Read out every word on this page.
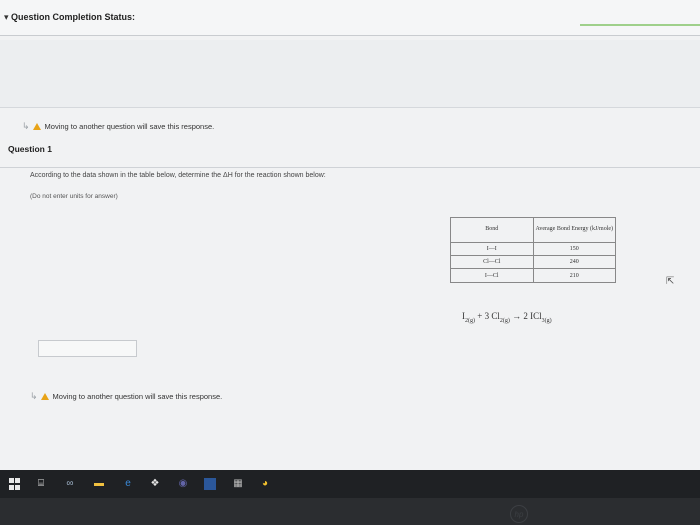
▾ Question Completion Status:
↳ Moving to another question will save this response.
Question 1
According to the data shown in the table below, determine the ΔH for the reaction shown below:
(Do not enter units for answer)
Bond	Average Bond Energy (kJ/mole)
I—I	150
Cl—Cl	240
I—Cl	210
$I_{2(g)} + 3$ $Cl_{2(g)} \to 2$ ICl$_{3(g)}$
⇱
↳ Moving to another question will save this response.
⌸	∞	▬	e	❖ ◉	▦	◕
hp
